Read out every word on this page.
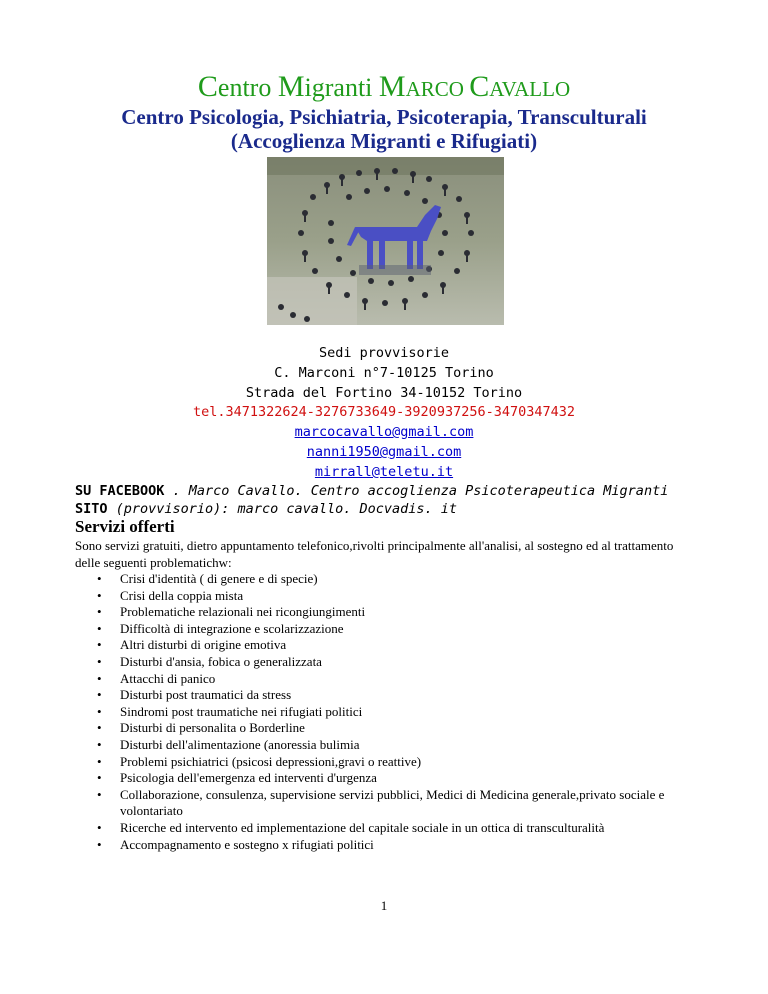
Centro Migranti MARCO CAVALLO
Centro Psicologia, Psichiatria, Psicoterapia, Transculturali
(Accoglienza Migranti e Rifugiati)
Sedi provvisorie
C. Marconi n°7-10125 Torino
Strada del Fortino 34-10152 Torino
tel.3471322624-3276733649-3920937256-3470347432
marcocavallo@gmail.com
nanni1950@gmail.com
mirrall@teletu.it
SU FACEBOOK . Marco Cavallo. Centro accoglienza Psicoterapeutica Migranti
SITO (provvisorio): marco cavallo. Docvadis. it
Servizi offerti
Sono servizi gratuiti, dietro appuntamento telefonico,rivolti principalmente all'analisi, al sostegno ed al trattamento delle seguenti problematichw:
• Crisi d'identità ( di genere e di specie)
• Crisi della coppia mista
• Problematiche relazionali nei ricongiungimenti
• Difficoltà di integrazione e scolarizzazione
• Altri disturbi di origine emotiva
• Disturbi d'ansia, fobica o generalizzata
• Attacchi di panico
• Disturbi post traumatici da stress
• Sindromi post traumatiche nei rifugiati politici
• Disturbi di personalita o Borderline
• Disturbi dell'alimentazione (anoressia bulimia
• Problemi psichiatrici (psicosi depressioni,gravi o reattive)
• Psicologia dell'emergenza ed interventi d'urgenza
• Collaborazione, consulenza, supervisione servizi pubblici, Medici di Medicina generale,privato sociale e volontariato
• Ricerche ed intervento ed implementazione del capitale sociale in un ottica di transculturalità
• Accompagnamento e sostegno x rifugiati politici
1
